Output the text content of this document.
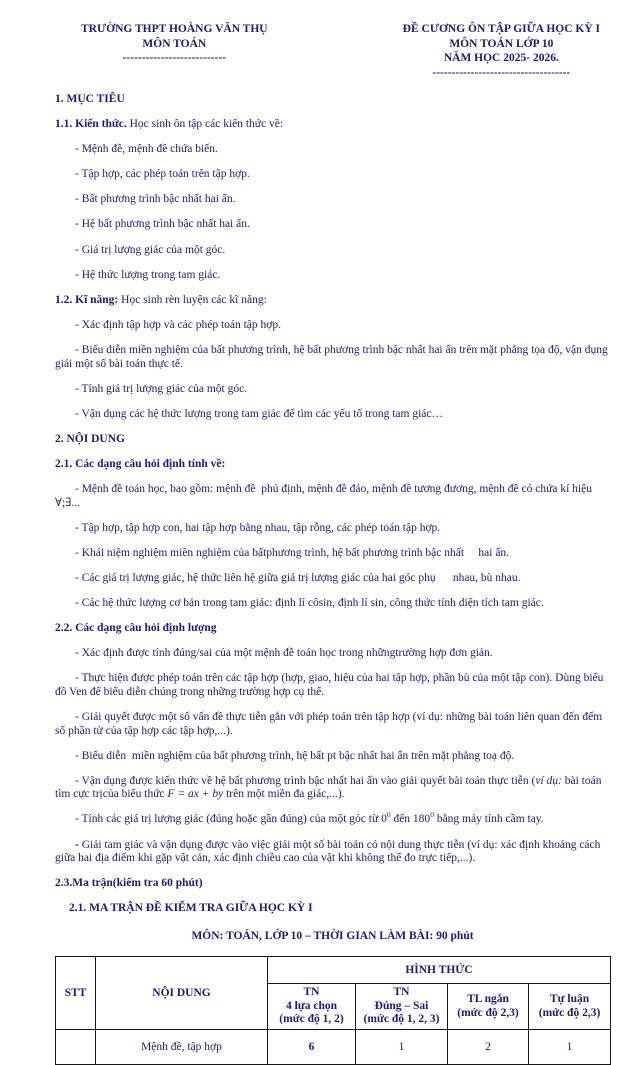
TRƯỜNG THPT HOÀNG VĂN THỤ
MÔN TOÁN
---------------------------
ĐỀ CƯƠNG ÔN TẬP GIỮA HỌC KỲ I
MÔN TOÁN LỚP 10
NĂM HỌC 2025- 2026.
------------------------------------

1. MỤC TIÊU

1.1. Kiến thức. Học sinh ôn tập các kiến thức về:

- Mệnh đề, mệnh đề chứa biến.

- Tập hợp, các phép toán trên tập hợp.

- Bất phương trình bậc nhất hai ẩn.

- Hệ bất phương trình bậc nhất hai ẩn.

- Giá trị lượng giác của một góc.

- Hệ thức lượng trong tam giác.

1.2. Kĩ năng: Học sinh rèn luyện các kĩ năng:

- Xác định tập hợp và các phép toán tập hợp.

- Biểu diễn miền nghiệm của bất phương trình, hệ bất phương trình bậc nhất hai ẩn trên mặt phẳng tọa độ, vận dụng giải một số bài toán thực tế.

- Tính giá trị lượng giác của một góc.

- Vận dụng các hệ thức lượng trong tam giác để tìm các yếu tố trong tam giác…

2. NỘI DUNG

2.1. Các dạng câu hỏi định tính về:

- Mệnh đề toán học, bao gồm: mệnh đề  phủ định, mệnh đề đảo, mệnh đề tương đương, mệnh đề có chứa kí hiệu ∀;∃...

- Tập hợp, tập hợp con, hai tập hợp bằng nhau, tập rỗng, các phép toán tập hợp.

- Khái niệm nghiệm miền nghiệm của bấtphương trình, hệ bất phương trình bậc nhất     hai ẩn.

- Các giá trị lượng giác, hệ thức liên hệ giữa giá trị lượng giác của hai góc phụ      nhau, bù nhau.

- Các hệ thức lượng cơ bản trong tam giác: định lí côsin, định lí sin, công thức tính diện tích tam giác.

2.2. Các dạng câu hỏi định lượng

- Xác định được tính đúng/sai của một mệnh đề toán học trong nhữngtrường hợp đơn giản.

- Thực hiện được phép toán trên các tập hợp (hợp, giao, hiệu của hai tập hợp, phần bù của một tập con). Dùng biểu đồ Ven để biểu diễn chúng trong những trường hợp cụ thể.

- Giải quyết được một số vấn đề thực tiễn gắn với phép toán trên tập hợp (ví dụ: những bài toán liên quan đến đếm số phần tử của tập hợp các tập hợp,...).

- Biểu diễn  miền nghiệm của bất phương trình, hệ bất pt bậc nhất hai ẩn trên mặt phẳng toạ độ.

- Vận dụng được kiến thức về hệ bất phương trình bậc nhất hai ẩn vào giải quyết bài toán thực tiễn (ví dụ: bài toán tìm cực trịcủa biểu thức F = ax + by trên một miền đa giác,...).

- Tính các giá trị lượng giác (đúng hoặc gần đúng) của một góc từ $0^0$ đến $180^0$ bằng máy tính cầm tay.

- Giải tam giác và vận dụng được vào việc giải một số bài toán có nội dung thực tiễn (ví dụ: xác định khoảng cách giữa hai địa điểm khi gặp vật cản, xác định chiều cao của vật khi không thể đo trực tiếp,...).

2.3.Ma trận(kiểm tra 60 phút)

2.1. MA TRẬN ĐỀ KIỂM TRA GIỮA HỌC KỲ I

MÔN: TOÁN, LỚP 10 – THỜI GIAN LÀM BÀI: 90 phút

STT	NỘI DUNG	HÌNH THỨC			

		TN
4 lựa chọn
(mức độ 1, 2)	TN
Đúng – Sai
(mức độ 1, 2, 3)	TL ngắn
(mức độ 2,3)	Tự luận
(mức độ 2,3)

	Mệnh đề, tập hợp	6	1	2	1
